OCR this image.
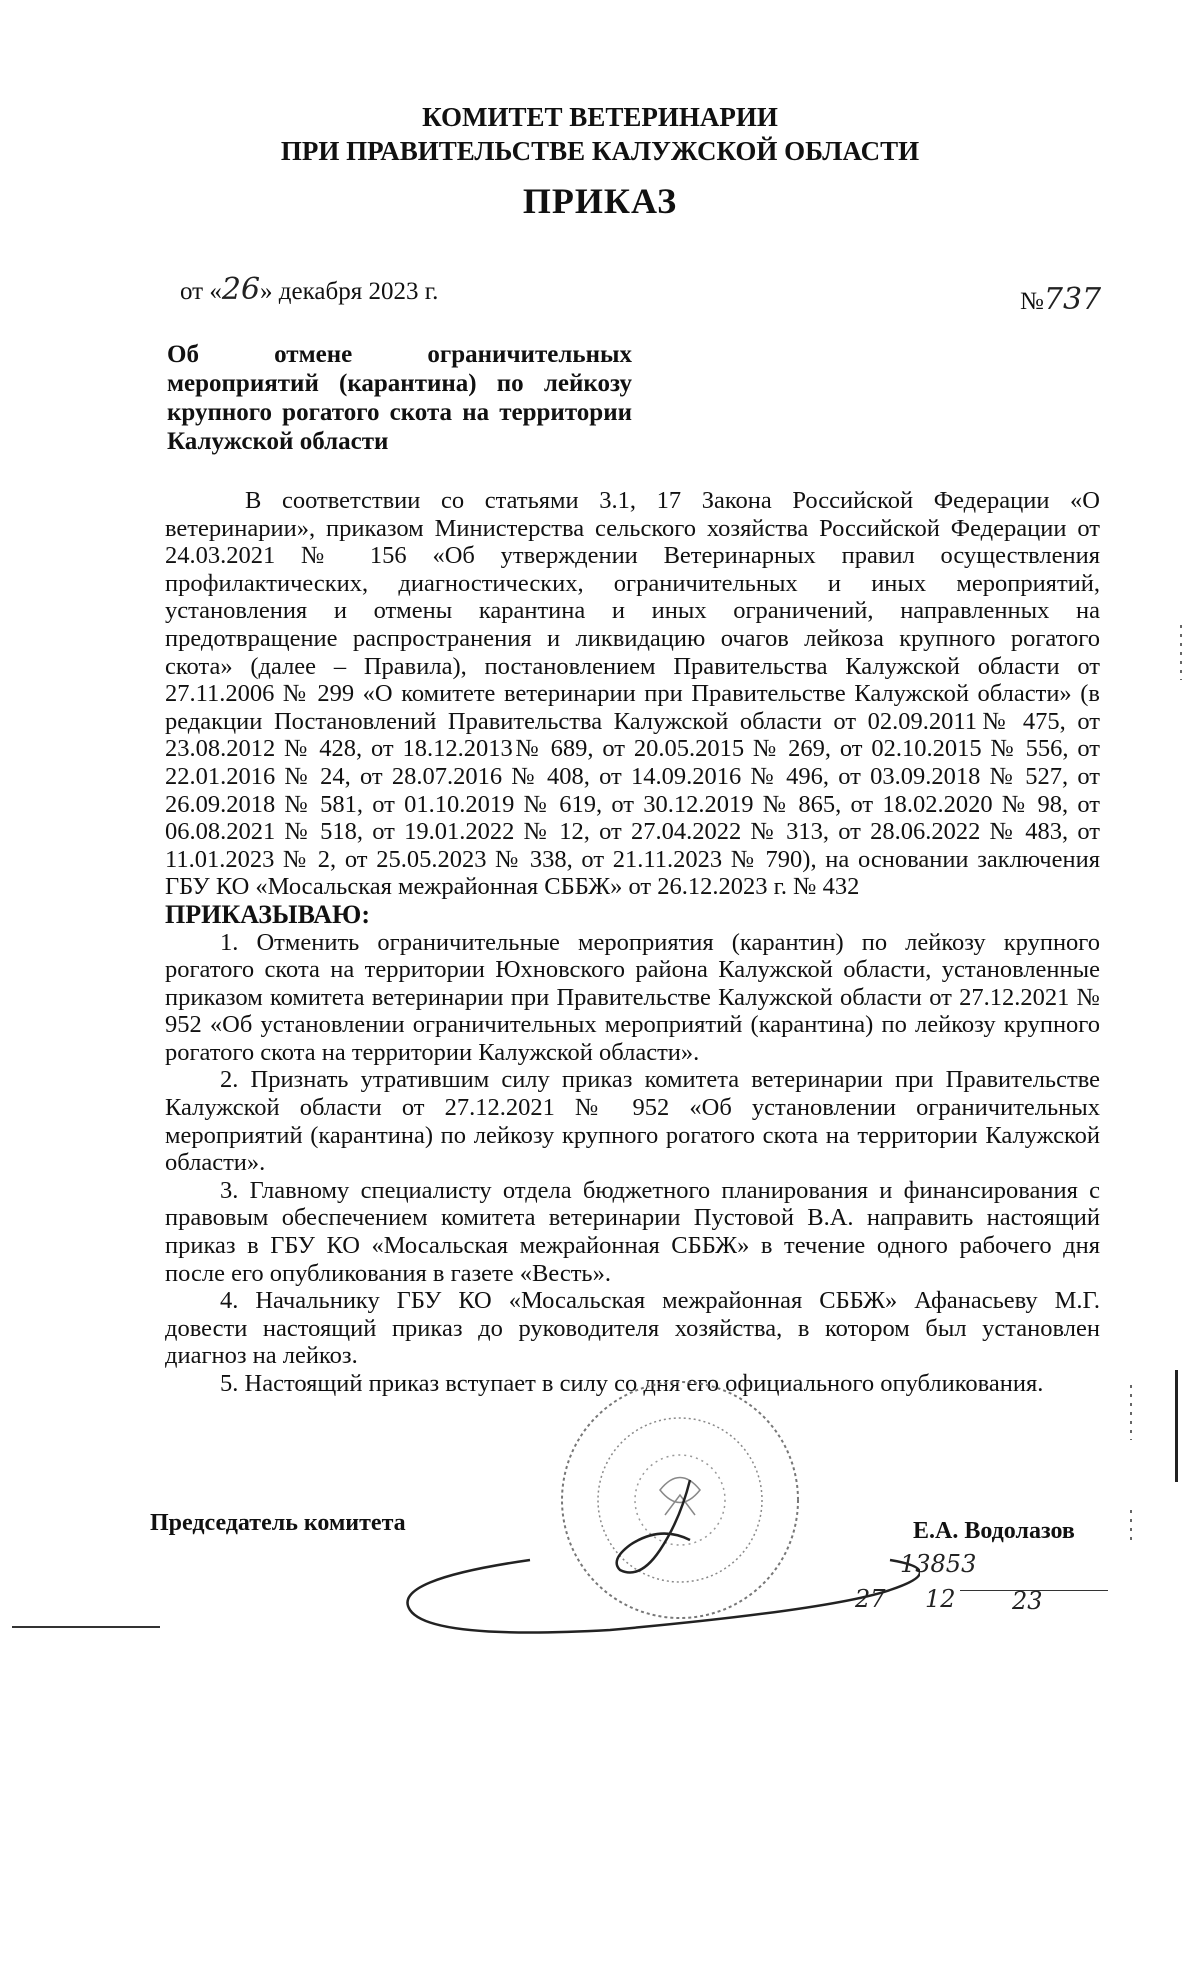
КОМИТЕТ ВЕТЕРИНАРИИ
ПРИ ПРАВИТЕЛЬСТВЕ КАЛУЖСКОЙ ОБЛАСТИ
ПРИКАЗ
от «26» декабря 2023 г.	№737
Об отмене ограничительных мероприятий (карантина) по лейкозу крупного рогатого скота на территории Калужской области

В соответствии со статьями 3.1, 17 Закона Российской Федерации «О ветеринарии», приказом Министерства сельского хозяйства Российской Федерации от 24.03.2021 № 156 «Об утверждении Ветеринарных правил осуществления профилактических, диагностических, ограничительных и иных мероприятий, установления и отмены карантина и иных ограничений, направленных на предотвращение распространения и ликвидацию очагов лейкоза крупного рогатого скота» (далее – Правила), постановлением Правительства Калужской области от 27.11.2006 № 299 «О комитете ветеринарии при Правительстве Калужской области» (в редакции Постановлений Правительства Калужской области от 02.09.2011№ 475, от 23.08.2012 № 428, от 18.12.2013№ 689, от 20.05.2015 № 269, от 02.10.2015 № 556, от 22.01.2016 № 24, от 28.07.2016 № 408, от 14.09.2016 № 496, от 03.09.2018 № 527, от 26.09.2018 № 581, от 01.10.2019 № 619, от 30.12.2019 № 865, от 18.02.2020 № 98, от 06.08.2021 № 518, от 19.01.2022 № 12, от 27.04.2022 № 313, от 28.06.2022 № 483, от 11.01.2023 № 2, от 25.05.2023 № 338, от 21.11.2023 № 790), на основании заключения ГБУ КО «Мосальская межрайонная СББЖ» от 26.12.2023 г. № 432

ПРИКАЗЫВАЮ:

1. Отменить ограничительные мероприятия (карантин) по лейкозу крупного рогатого скота на территории Юхновского района Калужской области, установленные приказом комитета ветеринарии при Правительстве Калужской области от 27.12.2021 № 952 «Об установлении ограничительных мероприятий (карантина) по лейкозу крупного рогатого скота на территории Калужской области».

2. Признать утратившим силу приказ комитета ветеринарии при Правительстве Калужской области от 27.12.2021 № 952 «Об установлении ограничительных мероприятий (карантина) по лейкозу крупного рогатого скота на территории Калужской области».

3. Главному специалисту отдела бюджетного планирования и финансирования с правовым обеспечением комитета ветеринарии Пустовой В.А. направить настоящий приказ в ГБУ КО «Мосальская межрайонная СББЖ» в течение одного рабочего дня после его опубликования в газете «Весть».

4. Начальнику ГБУ КО «Мосальская межрайонная СББЖ» Афанасьеву М.Г. довести настоящий приказ до руководителя хозяйства, в котором был установлен диагноз на лейкоз.

5. Настоящий приказ вступает в силу со дня его официального опубликования.

Председатель комитета	Е.А. Водолазов
13853
27 12 23
